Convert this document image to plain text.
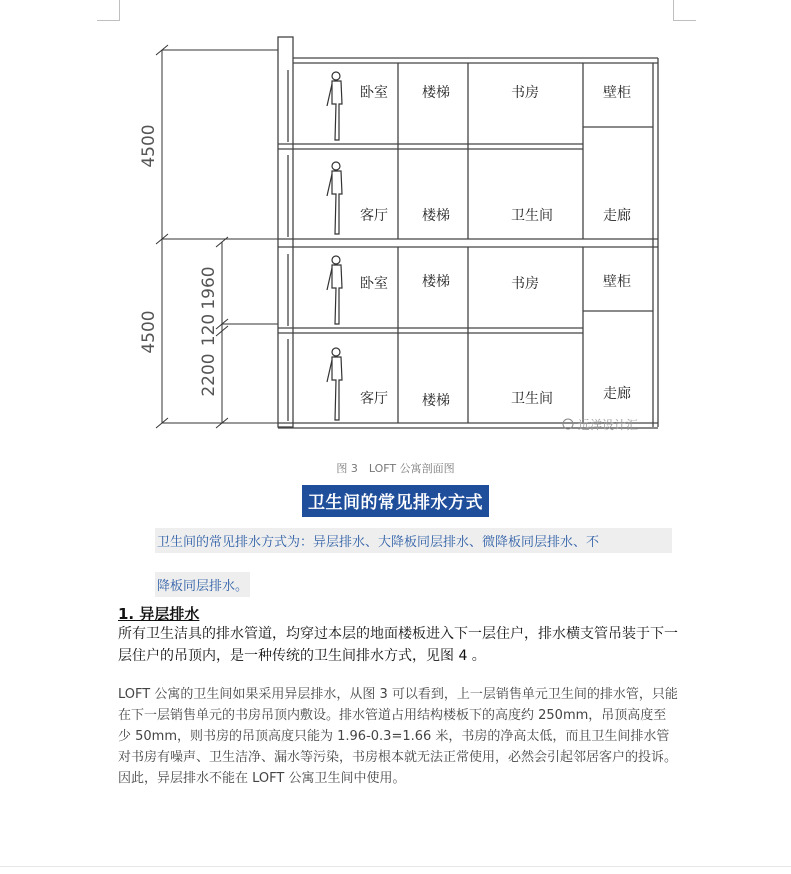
4500
4500
1960
120
2200
卧室 楼梯	书房	壁柜
客厅 楼梯	卫生间	走廊
卧室 楼梯	书房	壁柜
客厅 楼梯	卫生间	走廊
远洋设计汇
图 3　LOFT 公寓剖面图
卫生间的常见排水方式
卫生间的常见排水方式为：异层排水、大降板同层排水、微降板同层排水、不
降板同层排水。
1. 异层排水
所有卫生洁具的排水管道，均穿过本层的地面楼板进入下一层住户，排水横支管吊装于下一层住户的吊顶内，是一种传统的卫生间排水方式，见图 4 。
LOFT 公寓的卫生间如果采用异层排水，从图 3 可以看到，上一层销售单元卫生间的排水管，只能在下一层销售单元的书房吊顶内敷设。排水管道占用结构楼板下的高度约 250mm，吊顶高度至少 50mm，则书房的吊顶高度只能为 1.96-0.3=1.66 米，书房的净高太低，而且卫生间排水管对书房有噪声、卫生洁净、漏水等污染，书房根本就无法正常使用，必然会引起邻居客户的投诉。因此，异层排水不能在 LOFT 公寓卫生间中使用。
